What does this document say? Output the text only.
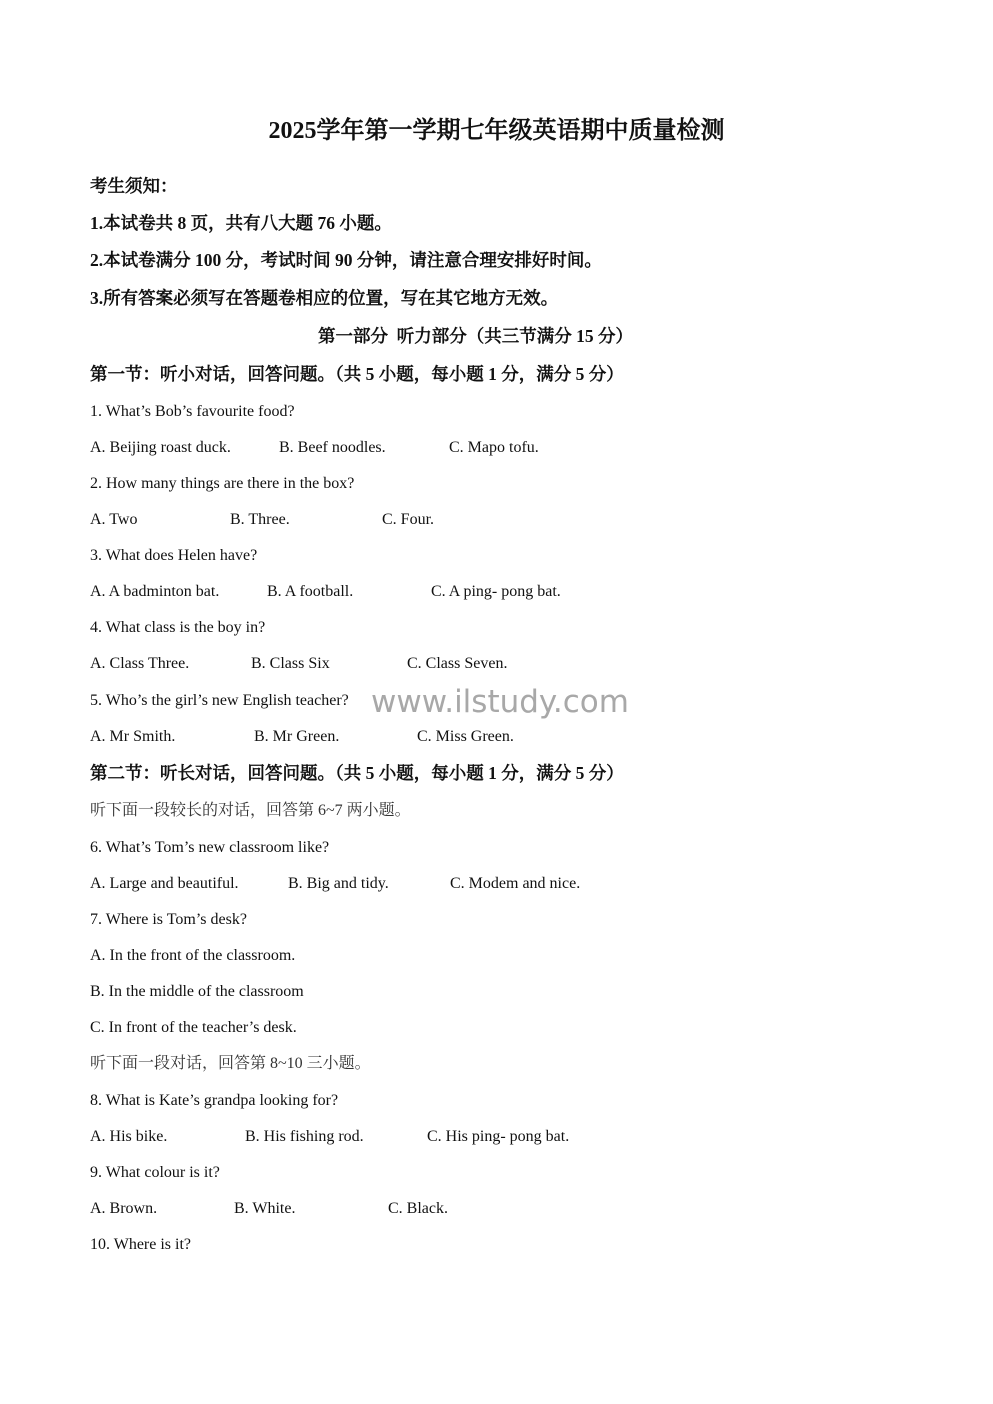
2025学年第一学期七年级英语期中质量检测
考生须知：
1.本试卷共 8 页，共有八大题 76 小题。
2.本试卷满分 100 分，考试时间 90 分钟，请注意合理安排好时间。
3.所有答案必须写在答题卷相应的位置，写在其它地方无效。
第一部分  听力部分（共三节满分 15 分）
第一节：听小对话，回答问题。（共 5 小题，每小题 1 分，满分 5 分）
1. What’s Bob’s favourite food?
A. Beijing roast duck.	B. Beef noodles.	C. Mapo tofu.
2. How many things are there in the box?
A. Two	B. Three.	C. Four.
3. What does Helen have?
A. A badminton bat.	B. A football.	C. A ping- pong bat.
4. What class is the boy in?
A. Class Three.	B. Class Six	C. Class Seven.
5. Who’s the girl’s new English teacher?
A. Mr Smith.	B. Mr Green.	C. Miss Green.
www.ilstudy.com
第二节：听长对话，回答问题。（共 5 小题，每小题 1 分，满分 5 分）
听下面一段较长的对话，回答第 6~7 两小题。
6. What’s Tom’s new classroom like?
A. Large and beautiful.	B. Big and tidy.	C. Modem and nice.
7. Where is Tom’s desk?
A. In the front of the classroom.
B. In the middle of the classroom
C. In front of the teacher’s desk.
听下面一段对话，回答第 8~10 三小题。
8. What is Kate’s grandpa looking for?
A. His bike.	B. His fishing rod.	C. His ping- pong bat.
9. What colour is it?
A. Brown.	B. White.	C. Black.
10. Where is it?
